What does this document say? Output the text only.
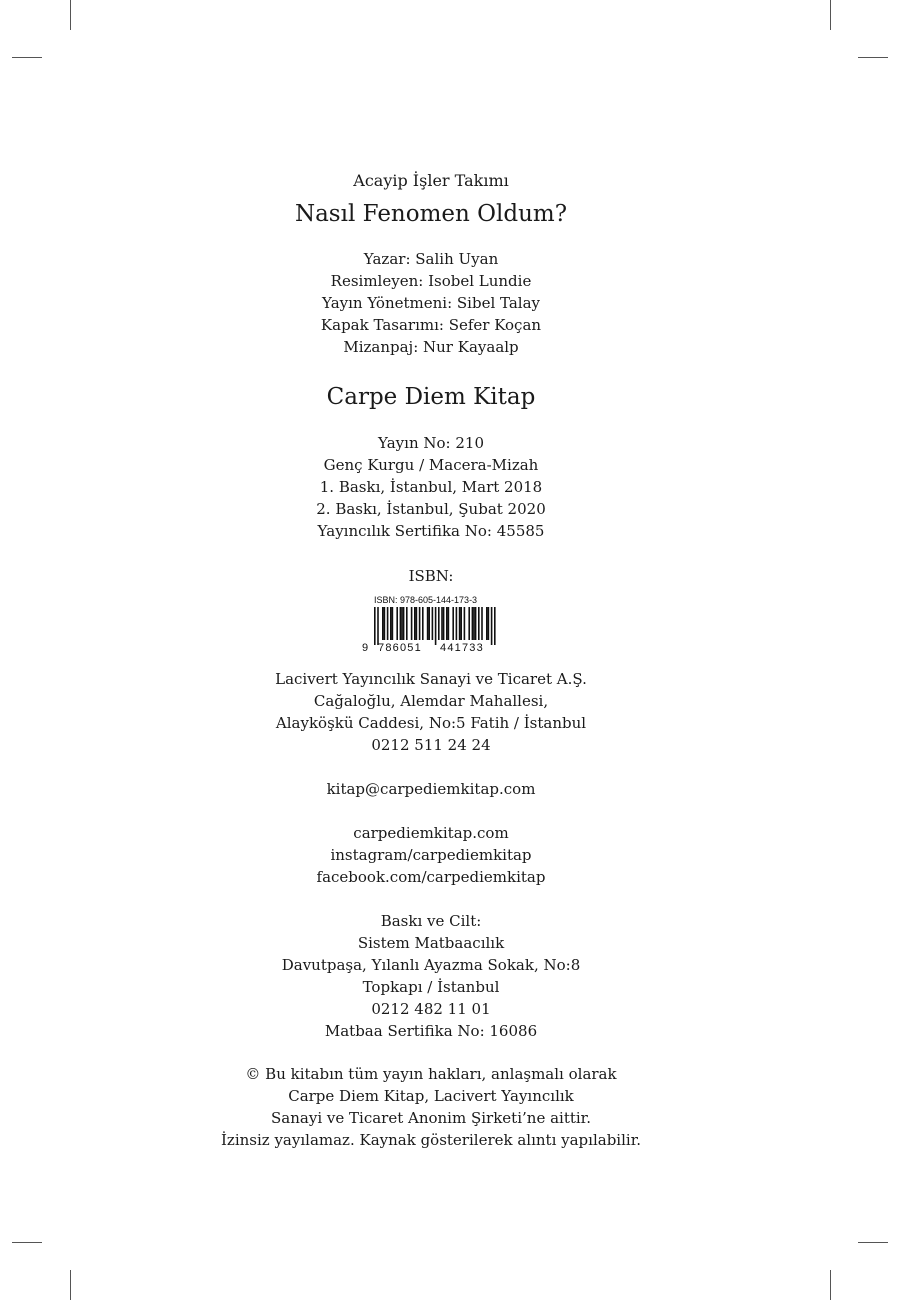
Acayip İşler Takımı
Nasıl Fenomen Oldum?
Yazar: Salih Uyan
Resimleyen: Isobel Lundie
Yayın Yönetmeni: Sibel Talay
Kapak Tasarımı: Sefer Koçan
Mizanpaj: Nur Kayaalp
Carpe Diem Kitap
Yayın No: 210
Genç Kurgu / Macera-Mizah
1. Baskı, İstanbul, Mart 2018
2. Baskı, İstanbul, Şubat 2020
Yayıncılık Sertifika No: 45585
ISBN:
ISBN: 978-605-144-173-3
9 786051 441733
Lacivert Yayıncılık Sanayi ve Ticaret A.Ş.
Cağaloğlu, Alemdar Mahallesi,
Alayköşkü Caddesi, No:5 Fatih / İstanbul
0212 511 24 24
kitap@carpediemkitap.com
carpediemkitap.com
instagram/carpediemkitap
facebook.com/carpediemkitap
Baskı ve Cilt:
Sistem Matbaacılık
Davutpaşa, Yılanlı Ayazma Sokak, No:8
Topkapı / İstanbul
0212 482 11 01
Matbaa Sertifika No: 16086
© Bu kitabın tüm yayın hakları, anlaşmalı olarak
Carpe Diem Kitap, Lacivert Yayıncılık
Sanayi ve Ticaret Anonim Şirketi’ne aittir.
İzinsiz yayılamaz. Kaynak gösterilerek alıntı yapılabilir.
